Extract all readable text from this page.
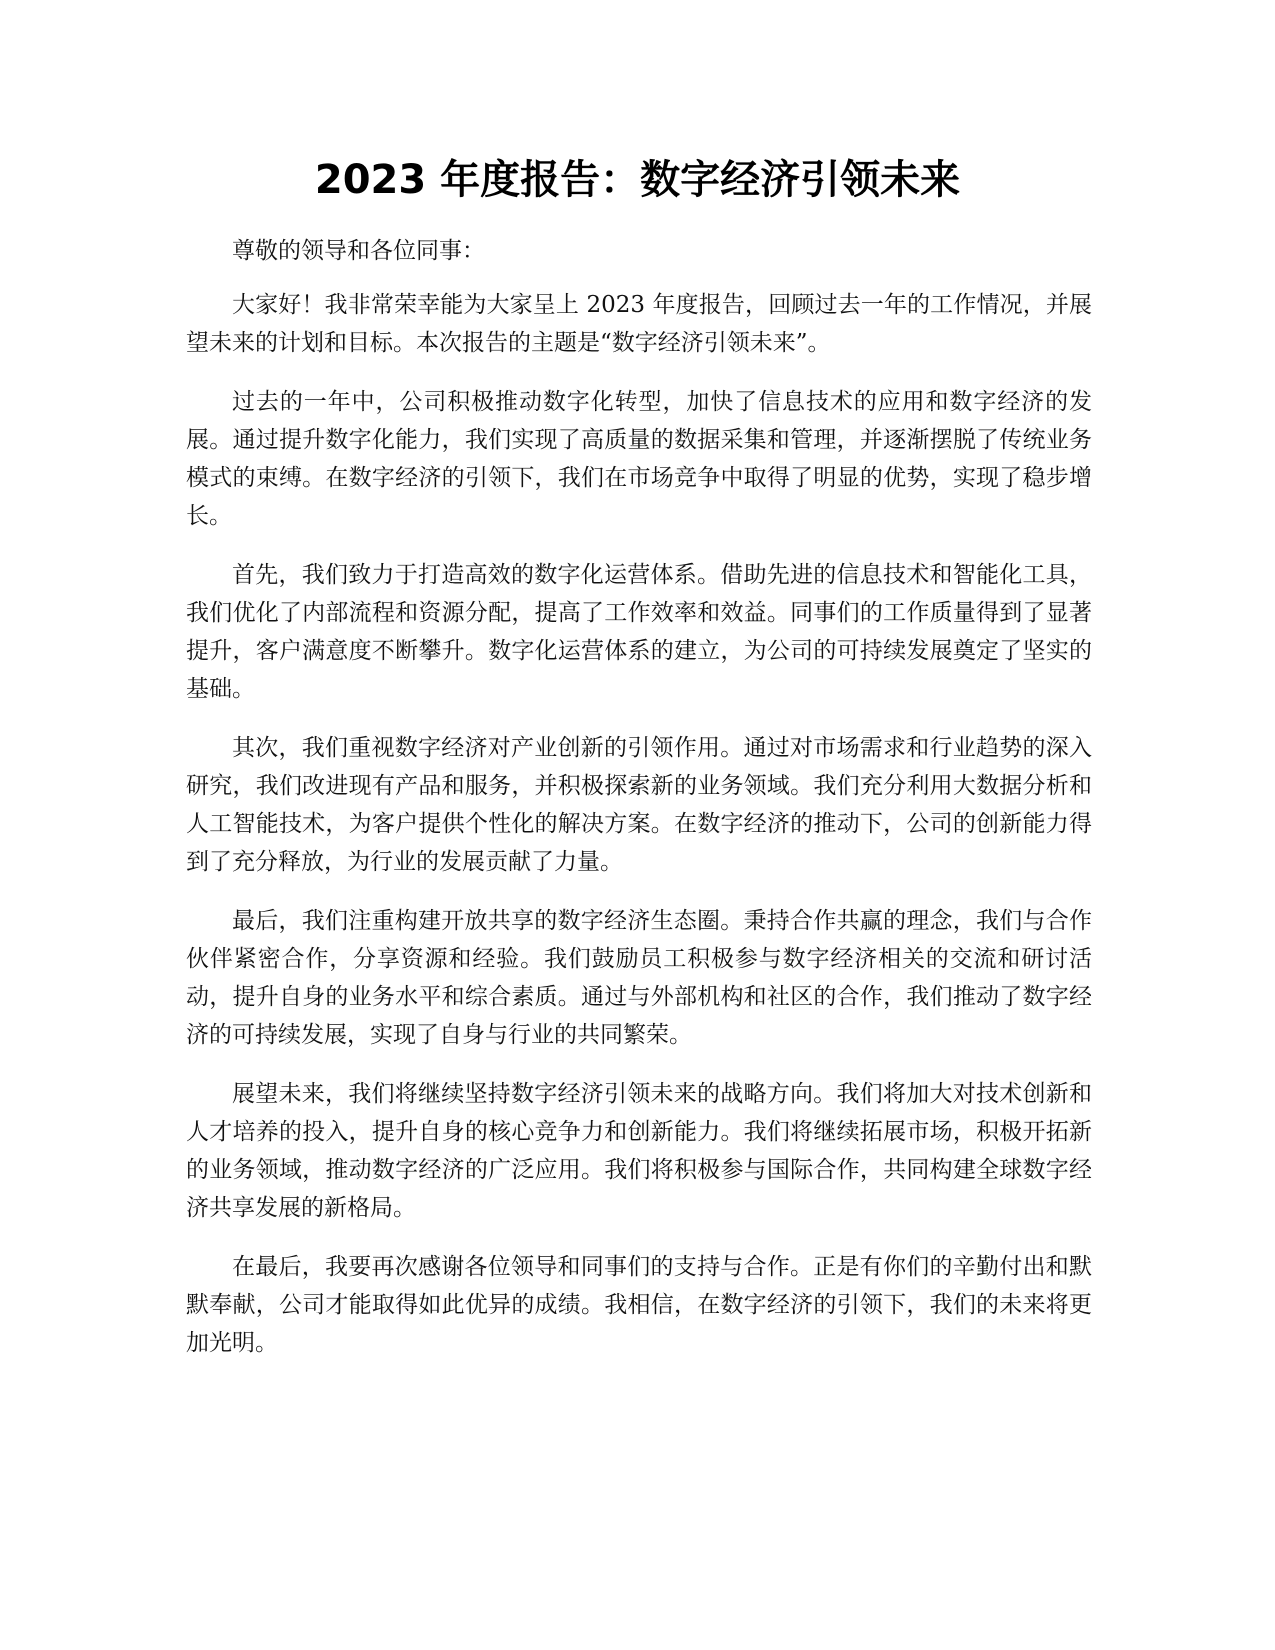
2023 年度报告：数字经济引领未来

尊敬的领导和各位同事：

大家好！我非常荣幸能为大家呈上 2023 年度报告，回顾过去一年的工作情况，并展望未来的计划和目标。本次报告的主题是“数字经济引领未来”。

过去的一年中，公司积极推动数字化转型，加快了信息技术的应用和数字经济的发展。通过提升数字化能力，我们实现了高质量的数据采集和管理，并逐渐摆脱了传统业务模式的束缚。在数字经济的引领下，我们在市场竞争中取得了明显的优势，实现了稳步增长。

首先，我们致力于打造高效的数字化运营体系。借助先进的信息技术和智能化工具，我们优化了内部流程和资源分配，提高了工作效率和效益。同事们的工作质量得到了显著提升，客户满意度不断攀升。数字化运营体系的建立，为公司的可持续发展奠定了坚实的基础。

其次，我们重视数字经济对产业创新的引领作用。通过对市场需求和行业趋势的深入研究，我们改进现有产品和服务，并积极探索新的业务领域。我们充分利用大数据分析和人工智能技术，为客户提供个性化的解决方案。在数字经济的推动下，公司的创新能力得到了充分释放，为行业的发展贡献了力量。

最后，我们注重构建开放共享的数字经济生态圈。秉持合作共赢的理念，我们与合作伙伴紧密合作，分享资源和经验。我们鼓励员工积极参与数字经济相关的交流和研讨活动，提升自身的业务水平和综合素质。通过与外部机构和社区的合作，我们推动了数字经济的可持续发展，实现了自身与行业的共同繁荣。

展望未来，我们将继续坚持数字经济引领未来的战略方向。我们将加大对技术创新和人才培养的投入，提升自身的核心竞争力和创新能力。我们将继续拓展市场，积极开拓新的业务领域，推动数字经济的广泛应用。我们将积极参与国际合作，共同构建全球数字经济共享发展的新格局。

在最后，我要再次感谢各位领导和同事们的支持与合作。正是有你们的辛勤付出和默默奉献，公司才能取得如此优异的成绩。我相信，在数字经济的引领下，我们的未来将更加光明。
